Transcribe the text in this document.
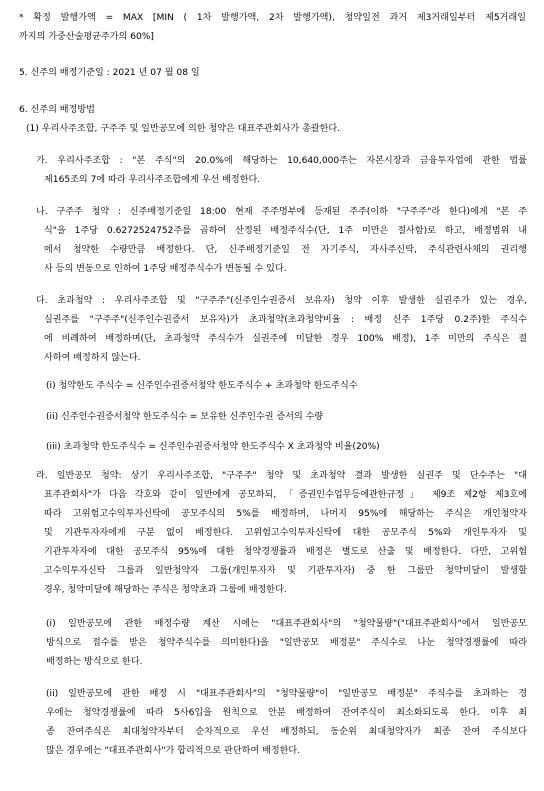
* 확정 발행가액 = MAX [MIN ( 1차 발행가액, 2차 발행가액), 청약일전 과거 제3거래일부터 제5거래일
까지의 가중산술평균주가의 60%]
5. 신주의 배정기준일 : 2021 년 07 월 08 일
6. 신주의 배정방법
(1) 우리사주조합, 구주주 및 일반공모에 의한 청약은 대표주관회사가 총괄한다.
가. 우리사주조합 : "본 주식"의 20.0%에 해당하는 10,640,000주는 자본시장과 금융투자업에 관한 법률
제165조의 7에 따라 우리사주조합에게 우선 배정한다.
나. 구주주 청약 : 신주배정기준일 18:00 현재 주주명부에 등재된 주주(이하 "구주주"라 한다)에게 "본 주
식"을 1주당 0.6272524752주를 곱하여 산정된 배정주식수(단, 1주 미만은 절사함)로 하고, 배정범위 내
에서 청약한 수량만큼 배정한다. 단, 신주배정기준일 전 자기주식, 자사주신탁, 주식관련사채의 권리행
사 등의 변동으로 인하여 1주당 배정주식수가 변동될 수 있다.
다. 초과청약 : 우리사주조합 및 "구주주"(신주인수권증서 보유자) 청약 이후 발생한 실권주가 있는 경우,
실권주를 "구주주"(신주인수권증서 보유자)가 초과청약(초과청약비율 : 배정 신주 1주당 0.2주)한 주식수
에 비례하여 배정하며(단, 초과청약 주식수가 실권주에 미달한 경우 100% 배정), 1주 미만의 주식은 절
사하여 배정하지 않는다.
(i) 청약한도 주식수 = 신주인수권증서청약 한도주식수 + 초과청약 한도주식수
(ii) 신주인수권증서청약 한도주식수 = 보유한 신주인수권 증서의 수량
(iii) 초과청약 한도주식수 = 신주인수권증서청약 한도주식수 X 초과청약 비율(20%)
라. 일반공모 청약: 상기 우리사주조합, "구주주" 청약 및 초과청약 결과 발생한 실권주 및 단수주는 "대
표주관회사"가 다음 각호와 같이 일반에게 공모하되, 「증권인수업무등에관한규정」 제9조 제2항 제3호에
따라 고위험고수익투자신탁에 공모주식의 5%를 배정하며, 나머지 95%에 해당하는 주식은 개인청약자
및 기관투자자에게 구분 없이 배정한다. 고위험고수익투자신탁에 대한 공모주식 5%와 개인투자자 및
기관투자자에 대한 공모주식 95%에 대한 청약경쟁률과 배정은 별도로 산출 및 배정한다. 다만, 고위험
고수익투자신탁 그룹과 일반청약자 그룹(개인투자자 및 기관투자자) 중 한 그룹만 청약미달이 발생할
경우, 청약미달에 해당하는 주식은 청약초과 그룹에 배정한다.
(i) 일반공모에 관한 배정수량 계산 시에는 "대표주관회사"의 "청약물량"("대표주관회사"에서 일반공모
방식으로 접수를 받은 청약주식수를 의미한다)을 "일반공모 배정분" 주식수로 나눈 청약경쟁률에 따라
배정하는 방식으로 한다.
(ii) 일반공모에 관한 배정 시 "대표주관회사"의 "청약물량"이 "일반공모 배정분" 주식수를 초과하는 경
우에는 청약경쟁률에 따라 5사6입을 원칙으로 안분 배정하여 잔여주식이 최소화되도록 한다. 이후 최
종 잔여주식은 최대청약자부터 순차적으로 우선 배정하되, 동순위 최대청약자가 최종 잔여 주식보다
많은 경우에는 "대표주관회사"가 합리적으로 판단하여 배정한다.
